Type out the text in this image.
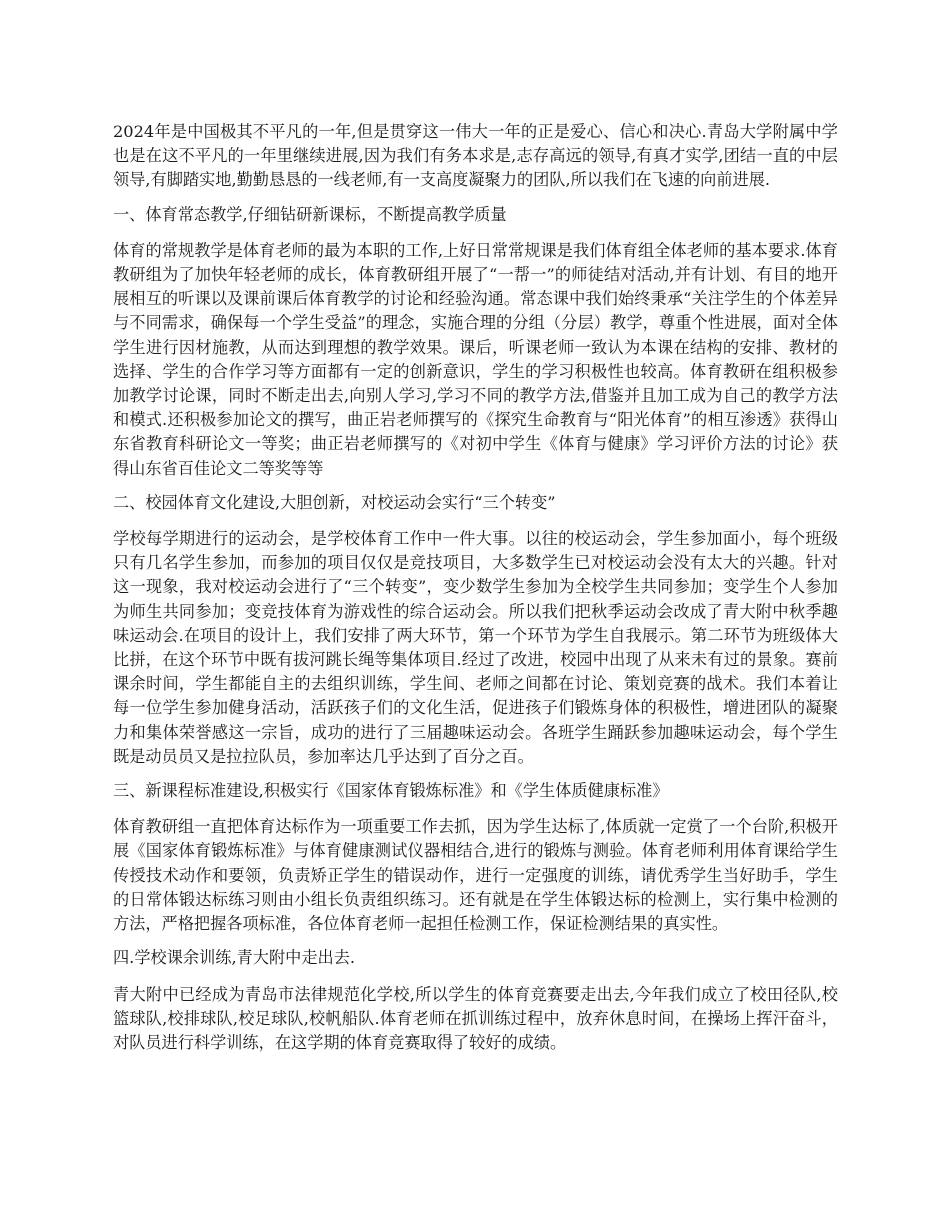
2024年是中国极其不平凡的一年,但是贯穿这一伟大一年的正是爱心、信心和决心.青岛大学附属中学也是在这不平凡的一年里继续进展,因为我们有务本求是,志存高远的领导,有真才实学,团结一直的中层领导,有脚踏实地,勤勤恳恳的一线老师,有一支高度凝聚力的团队,所以我们在飞速的向前进展.

一、体育常态教学,仔细钻研新课标，不断提高教学质量

体育的常规教学是体育老师的最为本职的工作,上好日常常规课是我们体育组全体老师的基本要求.体育教研组为了加快年轻老师的成长，体育教研组开展了“一帮一”的师徒结对活动,并有计划、有目的地开展相互的听课以及课前课后体育教学的讨论和经验沟通。常态课中我们始终秉承“关注学生的个体差异与不同需求，确保每一个学生受益”的理念，实施合理的分组（分层）教学，尊重个性进展，面对全体学生进行因材施教，从而达到理想的教学效果。课后，听课老师一致认为本课在结构的安排、教材的选择、学生的合作学习等方面都有一定的创新意识，学生的学习积极性也较高。体育教研在组积极参加教学讨论课，同时不断走出去,向别人学习,学习不同的教学方法,借鉴并且加工成为自己的教学方法和模式.还积极参加论文的撰写，曲正岩老师撰写的《探究生命教育与“阳光体育”的相互渗透》获得山东省教育科研论文一等奖；曲正岩老师撰写的《对初中学生《体育与健康》学习评价方法的讨论》获得山东省百佳论文二等奖等等

二、校园体育文化建设,大胆创新，对校运动会实行“三个转变”

学校每学期进行的运动会，是学校体育工作中一件大事。以往的校运动会，学生参加面小，每个班级只有几名学生参加，而参加的项目仅仅是竞技项目，大多数学生已对校运动会没有太大的兴趣。针对这一现象，我对校运动会进行了“三个转变”，变少数学生参加为全校学生共同参加；变学生个人参加为师生共同参加；变竞技体育为游戏性的综合运动会。所以我们把秋季运动会改成了青大附中秋季趣味运动会.在项目的设计上，我们安排了两大环节，第一个环节为学生自我展示。第二环节为班级体大比拼，在这个环节中既有拔河跳长绳等集体项目.经过了改进，校园中出现了从来未有过的景象。赛前课余时间，学生都能自主的去组织训练，学生间、老师之间都在讨论、策划竞赛的战术。我们本着让每一位学生参加健身活动，活跃孩子们的文化生活，促进孩子们锻炼身体的积极性，增进团队的凝聚力和集体荣誉感这一宗旨，成功的进行了三届趣味运动会。各班学生踊跃参加趣味运动会，每个学生既是动员员又是拉拉队员，参加率达几乎达到了百分之百。

三、新课程标准建设,积极实行《国家体育锻炼标准》和《学生体质健康标准》

体育教研组一直把体育达标作为一项重要工作去抓，因为学生达标了,体质就一定赏了一个台阶,积极开展《国家体育锻炼标准》与体育健康测试仪器相结合,进行的锻炼与测验。体育老师利用体育课给学生传授技术动作和要领，负责矫正学生的错误动作，进行一定强度的训练，请优秀学生当好助手，学生的日常体锻达标练习则由小组长负责组织练习。还有就是在学生体锻达标的检测上，实行集中检测的方法，严格把握各项标准，各位体育老师一起担任检测工作，保证检测结果的真实性。

四.学校课余训练,青大附中走出去.

青大附中已经成为青岛市法律规范化学校,所以学生的体育竞赛要走出去,今年我们成立了校田径队,校篮球队,校排球队,校足球队,校帆船队.体育老师在抓训练过程中，放弃休息时间，在操场上挥汗奋斗，对队员进行科学训练，在这学期的体育竞赛取得了较好的成绩。
